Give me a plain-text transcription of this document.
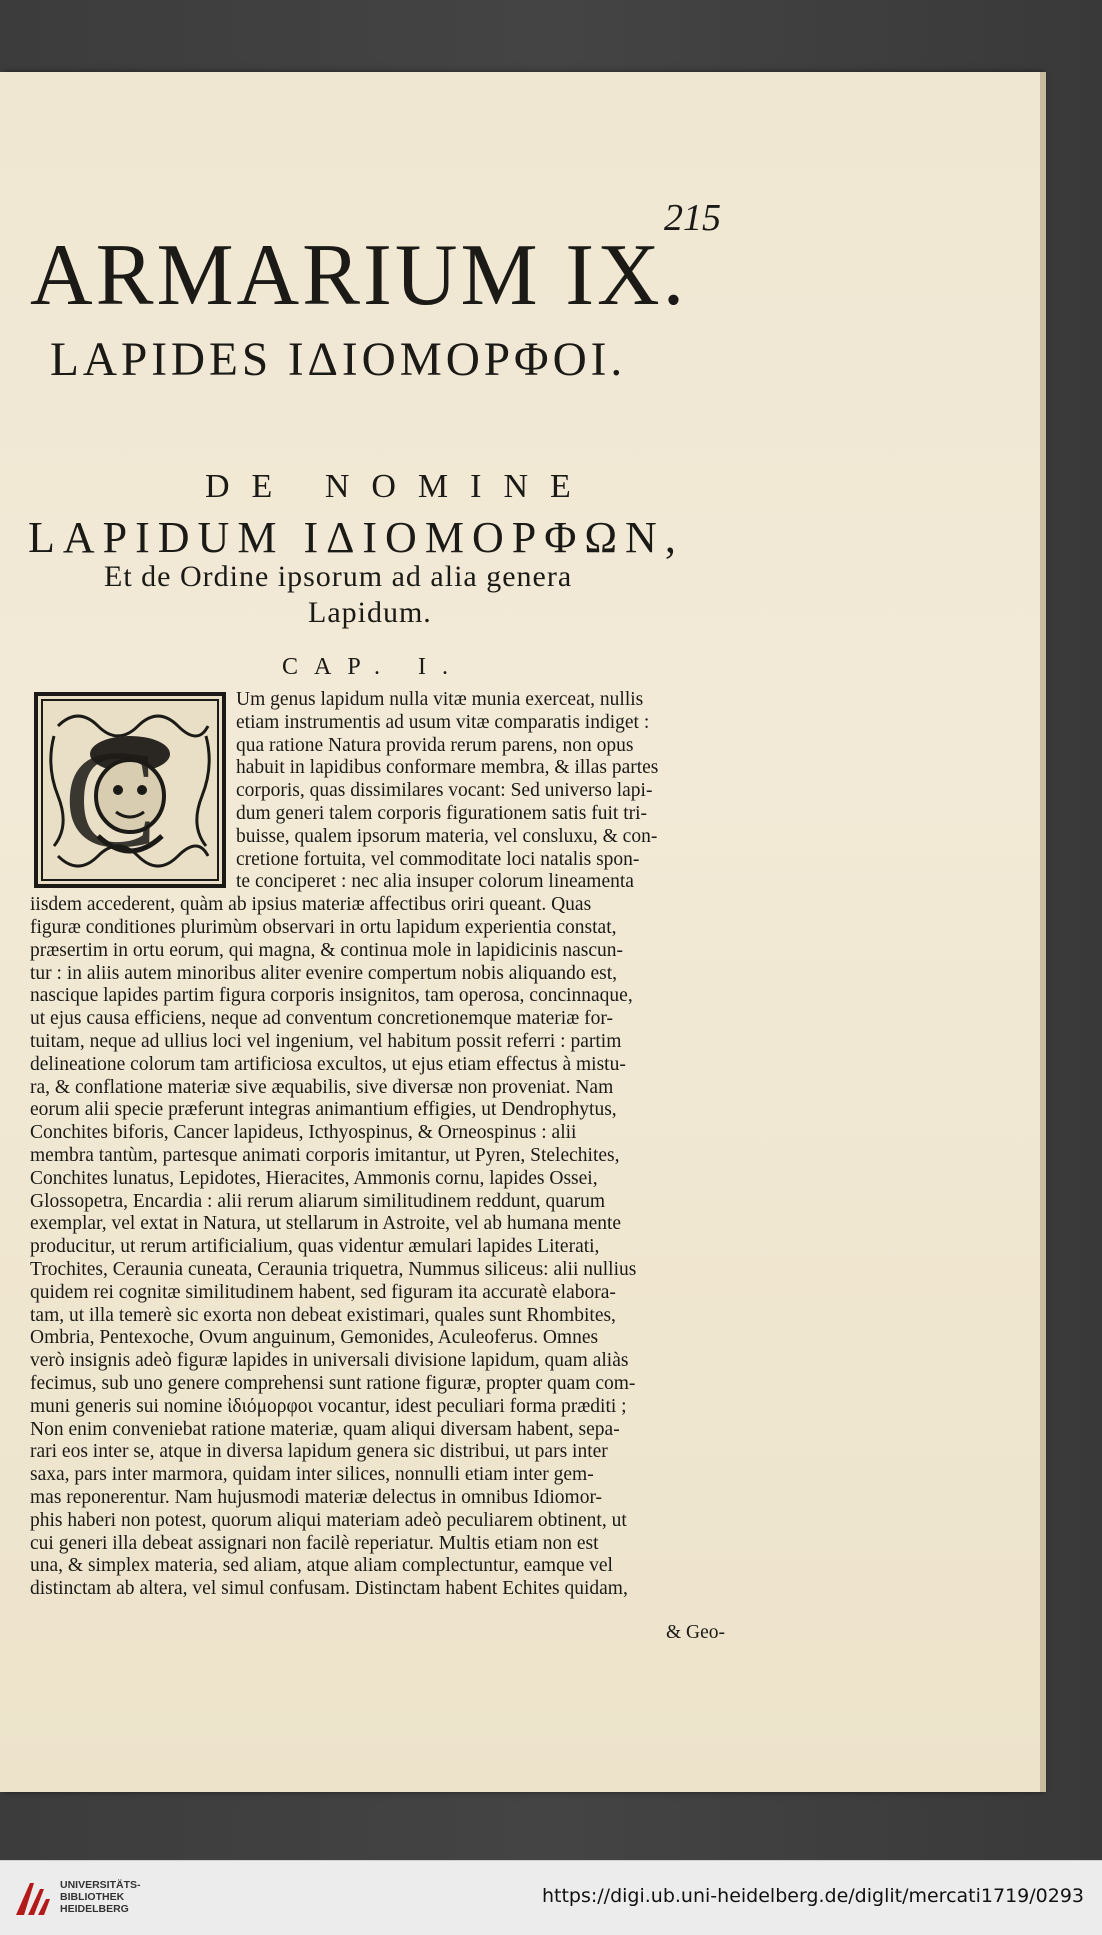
215
ARMARIUM IX.
LAPIDES ΙΔΙΟΜΟΡΦΟΙ.
DE NOMINE
LAPIDUM ΙΔΙΟΜΟΡΦΩΝ,
Et de Ordine ipsorum ad alia genera
Lapidum.
CAP. I.
C
Um genus lapidum nulla vitæ munia exerceat, nullis
etiam instrumentis ad usum vitæ comparatis indiget :
qua ratione Natura provida rerum parens, non opus
habuit in lapidibus conformare membra, & illas partes
corporis, quas dissimilares vocant: Sed universo lapi-
dum generi talem corporis figurationem satis fuit tri-
buisse, qualem ipsorum materia, vel consluxu, & con-
cretione fortuita, vel commoditate loci natalis spon-
te conciperet : nec alia insuper colorum lineamenta
iisdem accederent, quàm ab ipsius materiæ affectibus oriri queant. Quas
figuræ conditiones plurimùm observari in ortu lapidum experientia constat,
præsertim in ortu eorum, qui magna, & continua mole in lapidicinis nascun-
tur : in aliis autem minoribus aliter evenire compertum nobis aliquando est,
nascique lapides partim figura corporis insignitos, tam operosa, concinnaque,
ut ejus causa efficiens, neque ad conventum concretionemque materiæ for-
tuitam, neque ad ullius loci vel ingenium, vel habitum possit referri : partim
delineatione colorum tam artificiosa excultos, ut ejus etiam effectus à mistu-
ra, & conflatione materiæ sive æquabilis, sive diversæ non proveniat. Nam
eorum alii specie præferunt integras animantium effigies, ut Dendrophytus,
Conchites biforis, Cancer lapideus, Icthyospinus, & Orneospinus : alii
membra tantùm, partesque animati corporis imitantur, ut Pyren, Stelechites,
Conchites lunatus, Lepidotes, Hieracites, Ammonis cornu, lapides Ossei,
Glossopetra, Encardia : alii rerum aliarum similitudinem reddunt, quarum
exemplar, vel extat in Natura, ut stellarum in Astroite, vel ab humana mente
producitur, ut rerum artificialium, quas videntur æmulari lapides Literati,
Trochites, Ceraunia cuneata, Ceraunia triquetra, Nummus siliceus: alii nullius
quidem rei cognitæ similitudinem habent, sed figuram ita accuratè elabora-
tam, ut illa temerè sic exorta non debeat existimari, quales sunt Rhombites,
Ombria, Pentexoche, Ovum anguinum, Gemonides, Aculeoferus. Omnes
verò insignis adeò figuræ lapides in universali divisione lapidum, quam aliàs
fecimus, sub uno genere comprehensi sunt ratione figuræ, propter quam com-
muni generis sui nomine ἰδιόμορφοι vocantur, idest peculiari forma præditi ;
Non enim conveniebat ratione materiæ, quam aliqui diversam habent, sepa-
rari eos inter se, atque in diversa lapidum genera sic distribui, ut pars inter
saxa, pars inter marmora, quidam inter silices, nonnulli etiam inter gem-
mas reponerentur. Nam hujusmodi materiæ delectus in omnibus Idiomor-
phis haberi non potest, quorum aliqui materiam adeò peculiarem obtinent, ut
cui generi illa debeat assignari non facilè reperiatur. Multis etiam non est
una, & simplex materia, sed aliam, atque aliam complectuntur, eamque vel
distinctam ab altera, vel simul confusam. Distinctam habent Echites quidam,
& Geo-
UNIVERSITÄTS-
BIBLIOTHEK
HEIDELBERG
https://digi.ub.uni-heidelberg.de/diglit/mercati1719/0293
